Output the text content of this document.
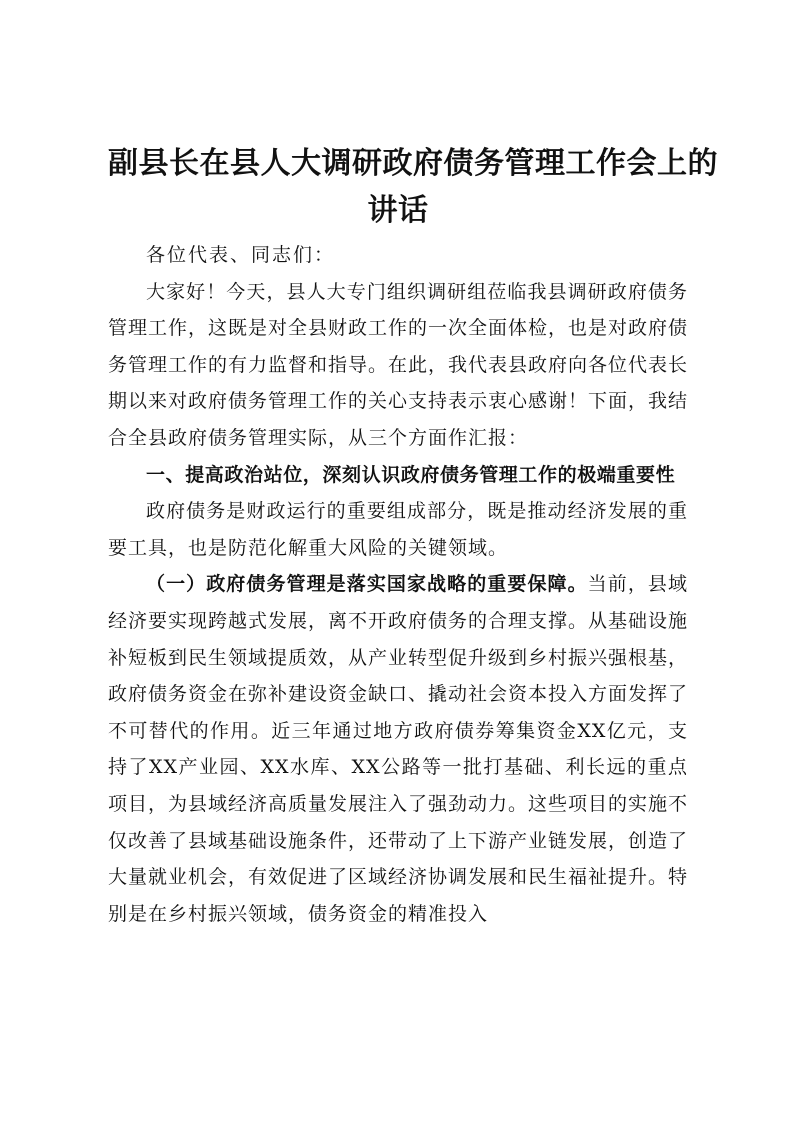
副县长在县人大调研政府债务管理工作会上的
讲话

各位代表、同志们：

大家好！今天，县人大专门组织调研组莅临我县调研政府债务管理工作，这既是对全县财政工作的一次全面体检，也是对政府债务管理工作的有力监督和指导。在此，我代表县政府向各位代表长期以来对政府债务管理工作的关心支持表示衷心感谢！下面，我结合全县政府债务管理实际，从三个方面作汇报：

一、提高政治站位，深刻认识政府债务管理工作的极端重要性

政府债务是财政运行的重要组成部分，既是推动经济发展的重要工具，也是防范化解重大风险的关键领域。

（一）政府债务管理是落实国家战略的重要保障。当前，县域经济要实现跨越式发展，离不开政府债务的合理支撑。从基础设施补短板到民生领域提质效，从产业转型促升级到乡村振兴强根基，政府债务资金在弥补建设资金缺口、撬动社会资本投入方面发挥了不可替代的作用。近三年通过地方政府债券筹集资金XX亿元，支持了XX产业园、XX水库、XX公路等一批打基础、利长远的重点项目，为县域经济高质量发展注入了强劲动力。这些项目的实施不仅改善了县域基础设施条件，还带动了上下游产业链发展，创造了大量就业机会，有效促进了区域经济协调发展和民生福祉提升。特别是在乡村振兴领域，债务资金的精准投入
